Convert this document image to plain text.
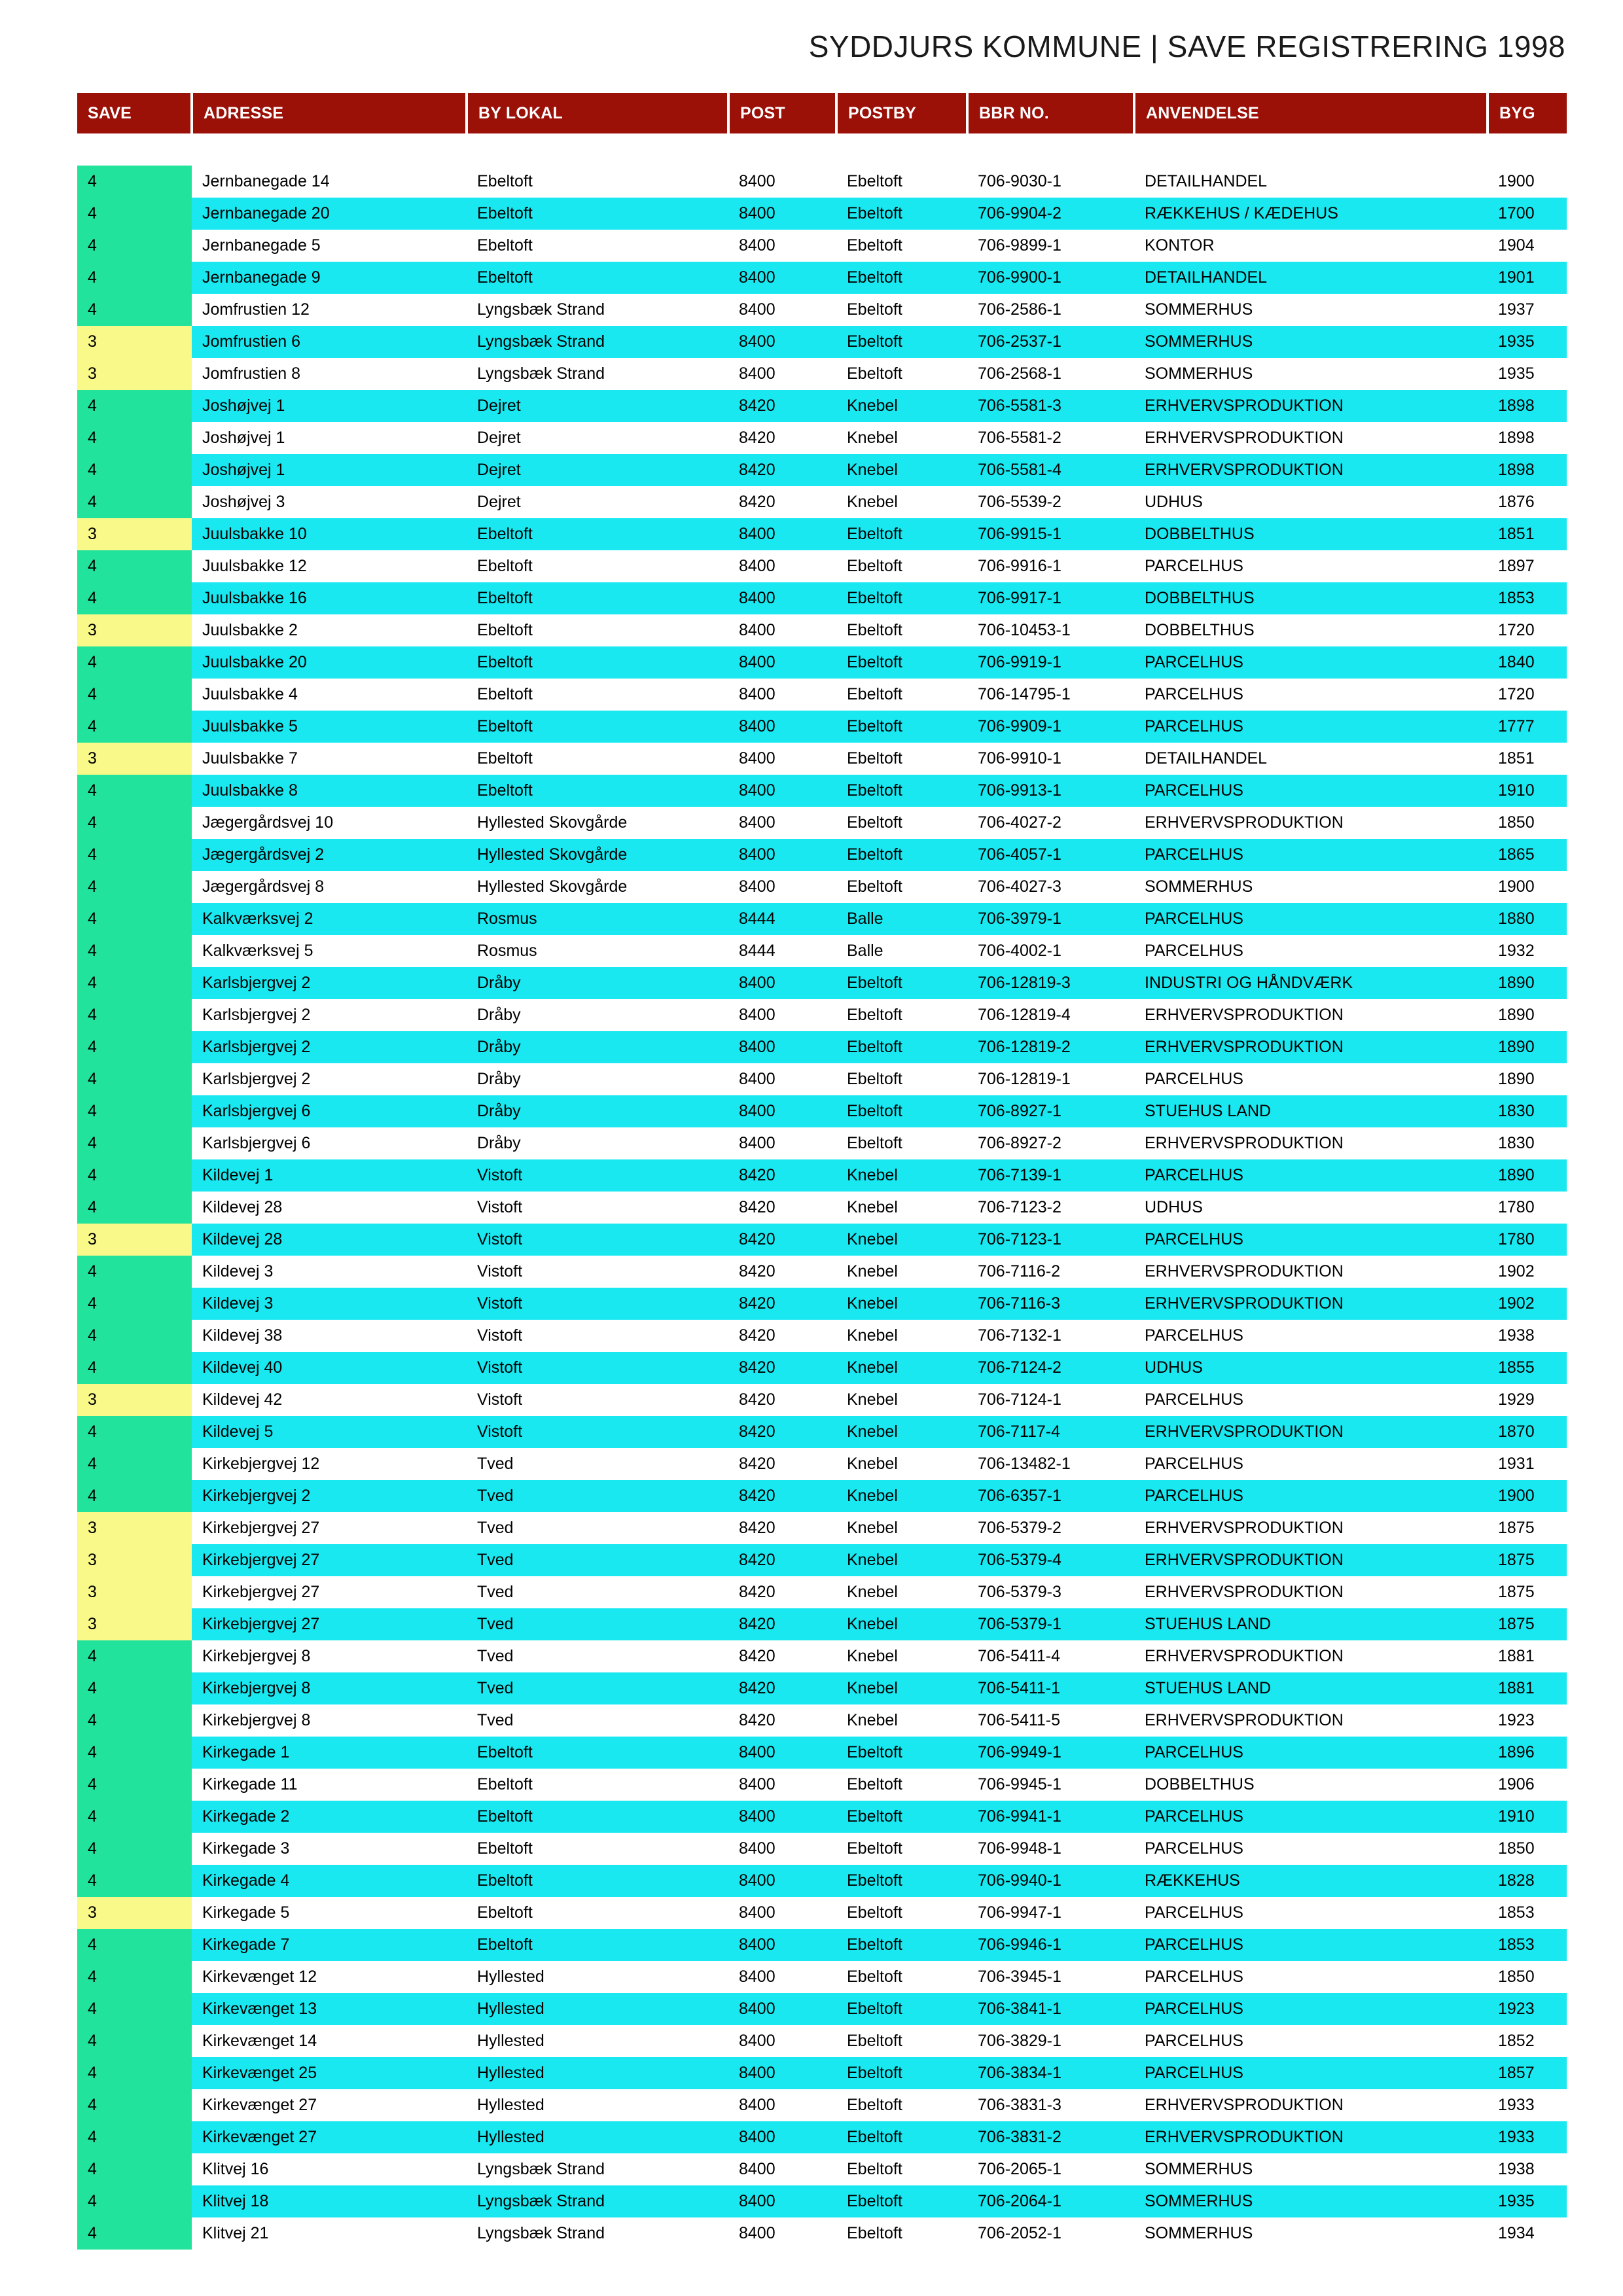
SYDDJURS KOMMUNE | SAVE REGISTRERING 1998
SAVE	ADRESSE	BY LOKAL	POST	POSTBY	BBR NO.	ANVENDELSE	BYG

4	Jernbanegade 14	Ebeltoft	8400	Ebeltoft	706-9030-1	DETAILHANDEL	1900
4	Jernbanegade 20	Ebeltoft	8400	Ebeltoft	706-9904-2	RÆKKEHUS / KÆDEHUS	1700
4	Jernbanegade 5	Ebeltoft	8400	Ebeltoft	706-9899-1	KONTOR	1904
4	Jernbanegade 9	Ebeltoft	8400	Ebeltoft	706-9900-1	DETAILHANDEL	1901
4	Jomfrustien 12	Lyngsbæk Strand	8400	Ebeltoft	706-2586-1	SOMMERHUS	1937
3	Jomfrustien 6	Lyngsbæk Strand	8400	Ebeltoft	706-2537-1	SOMMERHUS	1935
3	Jomfrustien 8	Lyngsbæk Strand	8400	Ebeltoft	706-2568-1	SOMMERHUS	1935
4	Joshøjvej 1	Dejret	8420	Knebel	706-5581-3	ERHVERVSPRODUKTION	1898
4	Joshøjvej 1	Dejret	8420	Knebel	706-5581-2	ERHVERVSPRODUKTION	1898
4	Joshøjvej 1	Dejret	8420	Knebel	706-5581-4	ERHVERVSPRODUKTION	1898
4	Joshøjvej 3	Dejret	8420	Knebel	706-5539-2	UDHUS	1876
3	Juulsbakke 10	Ebeltoft	8400	Ebeltoft	706-9915-1	DOBBELTHUS	1851
4	Juulsbakke 12	Ebeltoft	8400	Ebeltoft	706-9916-1	PARCELHUS	1897
4	Juulsbakke 16	Ebeltoft	8400	Ebeltoft	706-9917-1	DOBBELTHUS	1853
3	Juulsbakke 2	Ebeltoft	8400	Ebeltoft	706-10453-1	DOBBELTHUS	1720
4	Juulsbakke 20	Ebeltoft	8400	Ebeltoft	706-9919-1	PARCELHUS	1840
4	Juulsbakke 4	Ebeltoft	8400	Ebeltoft	706-14795-1	PARCELHUS	1720
4	Juulsbakke 5	Ebeltoft	8400	Ebeltoft	706-9909-1	PARCELHUS	1777
3	Juulsbakke 7	Ebeltoft	8400	Ebeltoft	706-9910-1	DETAILHANDEL	1851
4	Juulsbakke 8	Ebeltoft	8400	Ebeltoft	706-9913-1	PARCELHUS	1910
4	Jægergårdsvej 10	Hyllested Skovgårde	8400	Ebeltoft	706-4027-2	ERHVERVSPRODUKTION	1850
4	Jægergårdsvej 2	Hyllested Skovgårde	8400	Ebeltoft	706-4057-1	PARCELHUS	1865
4	Jægergårdsvej 8	Hyllested Skovgårde	8400	Ebeltoft	706-4027-3	SOMMERHUS	1900
4	Kalkværksvej 2	Rosmus	8444	Balle	706-3979-1	PARCELHUS	1880
4	Kalkværksvej 5	Rosmus	8444	Balle	706-4002-1	PARCELHUS	1932
4	Karlsbjergvej 2	Dråby	8400	Ebeltoft	706-12819-3	INDUSTRI OG HÅNDVÆRK	1890
4	Karlsbjergvej 2	Dråby	8400	Ebeltoft	706-12819-4	ERHVERVSPRODUKTION	1890
4	Karlsbjergvej 2	Dråby	8400	Ebeltoft	706-12819-2	ERHVERVSPRODUKTION	1890
4	Karlsbjergvej 2	Dråby	8400	Ebeltoft	706-12819-1	PARCELHUS	1890
4	Karlsbjergvej 6	Dråby	8400	Ebeltoft	706-8927-1	STUEHUS LAND	1830
4	Karlsbjergvej 6	Dråby	8400	Ebeltoft	706-8927-2	ERHVERVSPRODUKTION	1830
4	Kildevej 1	Vistoft	8420	Knebel	706-7139-1	PARCELHUS	1890
4	Kildevej 28	Vistoft	8420	Knebel	706-7123-2	UDHUS	1780
3	Kildevej 28	Vistoft	8420	Knebel	706-7123-1	PARCELHUS	1780
4	Kildevej 3	Vistoft	8420	Knebel	706-7116-2	ERHVERVSPRODUKTION	1902
4	Kildevej 3	Vistoft	8420	Knebel	706-7116-3	ERHVERVSPRODUKTION	1902
4	Kildevej 38	Vistoft	8420	Knebel	706-7132-1	PARCELHUS	1938
4	Kildevej 40	Vistoft	8420	Knebel	706-7124-2	UDHUS	1855
3	Kildevej 42	Vistoft	8420	Knebel	706-7124-1	PARCELHUS	1929
4	Kildevej 5	Vistoft	8420	Knebel	706-7117-4	ERHVERVSPRODUKTION	1870
4	Kirkebjergvej 12	Tved	8420	Knebel	706-13482-1	PARCELHUS	1931
4	Kirkebjergvej 2	Tved	8420	Knebel	706-6357-1	PARCELHUS	1900
3	Kirkebjergvej 27	Tved	8420	Knebel	706-5379-2	ERHVERVSPRODUKTION	1875
3	Kirkebjergvej 27	Tved	8420	Knebel	706-5379-4	ERHVERVSPRODUKTION	1875
3	Kirkebjergvej 27	Tved	8420	Knebel	706-5379-3	ERHVERVSPRODUKTION	1875
3	Kirkebjergvej 27	Tved	8420	Knebel	706-5379-1	STUEHUS LAND	1875
4	Kirkebjergvej 8	Tved	8420	Knebel	706-5411-4	ERHVERVSPRODUKTION	1881
4	Kirkebjergvej 8	Tved	8420	Knebel	706-5411-1	STUEHUS LAND	1881
4	Kirkebjergvej 8	Tved	8420	Knebel	706-5411-5	ERHVERVSPRODUKTION	1923
4	Kirkegade 1	Ebeltoft	8400	Ebeltoft	706-9949-1	PARCELHUS	1896
4	Kirkegade 11	Ebeltoft	8400	Ebeltoft	706-9945-1	DOBBELTHUS	1906
4	Kirkegade 2	Ebeltoft	8400	Ebeltoft	706-9941-1	PARCELHUS	1910
4	Kirkegade 3	Ebeltoft	8400	Ebeltoft	706-9948-1	PARCELHUS	1850
4	Kirkegade 4	Ebeltoft	8400	Ebeltoft	706-9940-1	RÆKKEHUS	1828
3	Kirkegade 5	Ebeltoft	8400	Ebeltoft	706-9947-1	PARCELHUS	1853
4	Kirkegade 7	Ebeltoft	8400	Ebeltoft	706-9946-1	PARCELHUS	1853
4	Kirkevænget 12	Hyllested	8400	Ebeltoft	706-3945-1	PARCELHUS	1850
4	Kirkevænget 13	Hyllested	8400	Ebeltoft	706-3841-1	PARCELHUS	1923
4	Kirkevænget 14	Hyllested	8400	Ebeltoft	706-3829-1	PARCELHUS	1852
4	Kirkevænget 25	Hyllested	8400	Ebeltoft	706-3834-1	PARCELHUS	1857
4	Kirkevænget 27	Hyllested	8400	Ebeltoft	706-3831-3	ERHVERVSPRODUKTION	1933
4	Kirkevænget 27	Hyllested	8400	Ebeltoft	706-3831-2	ERHVERVSPRODUKTION	1933
4	Klitvej 16	Lyngsbæk Strand	8400	Ebeltoft	706-2065-1	SOMMERHUS	1938
4	Klitvej 18	Lyngsbæk Strand	8400	Ebeltoft	706-2064-1	SOMMERHUS	1935
4	Klitvej 21	Lyngsbæk Strand	8400	Ebeltoft	706-2052-1	SOMMERHUS	1934
